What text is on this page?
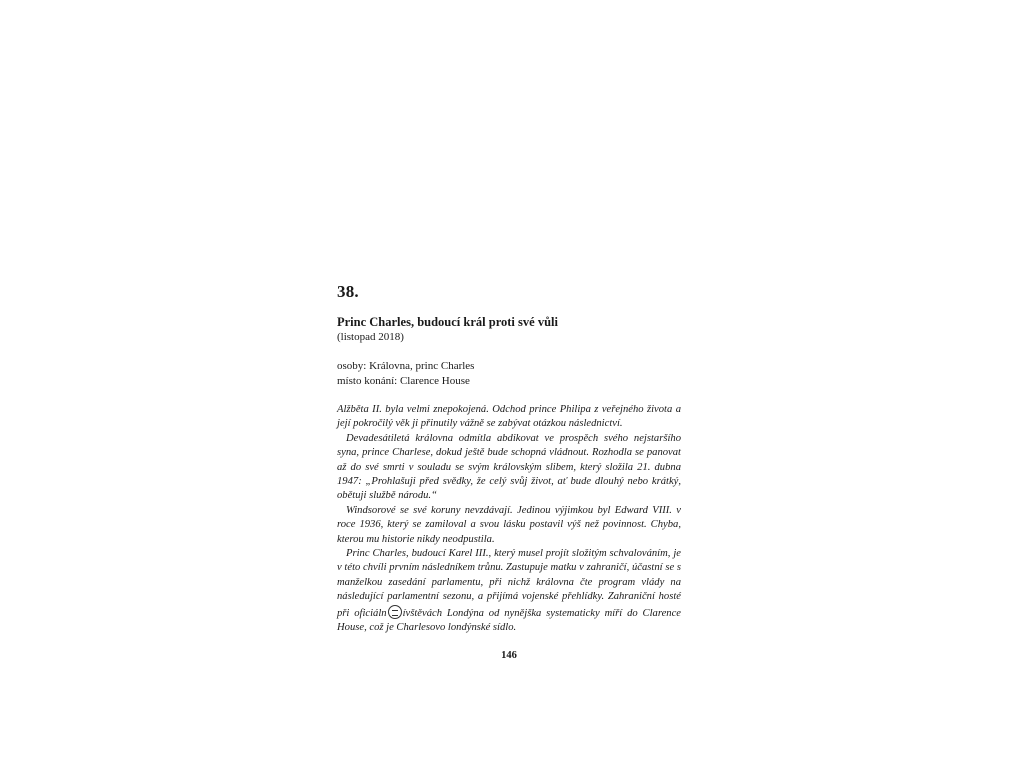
38.
Princ Charles, budoucí král proti své vůli
(listopad 2018)
osoby: Královna, princ Charles
místo konání: Clarence House

Alžběta II. byla velmi znepokojená. Odchod prince Philipa z veřejného života a její pokročilý věk ji přinutily vážně se zabývat otázkou následnictví.

Devadesátiletá královna odmítla abdikovat ve prospěch svého nejstaršího syna, prince Charlese, dokud ještě bude schopná vládnout. Rozhodla se panovat až do své smrti v souladu se svým královským slibem, který složila 21. dubna 1947: „Prohlašuji před svědky, že celý svůj život, ať bude dlouhý nebo krátký, obětuji službě národu.“

Windsorové se své koruny nevzdávají. Jedinou výjimkou byl Edward VIII. v roce 1936, který se zamiloval a svou lásku postavil výš než povinnost. Chyba, kterou mu historie nikdy neodpustila.

Princ Charles, budoucí Karel III., který musel projít složitým schvalováním, je v této chvíli prvním následníkem trůnu. Zastupuje matku v zahraničí, účastní se s manželkou zasedání parlamentu, při nichž královna čte program vlády na následující parlamentní sezonu, a přijímá vojenské přehlídky. Zahraniční hosté při oficiáln ívštěvách Londýna od nynějška systematicky míří do Clarence House, což je Charlesovo londýnské sídlo.

146
